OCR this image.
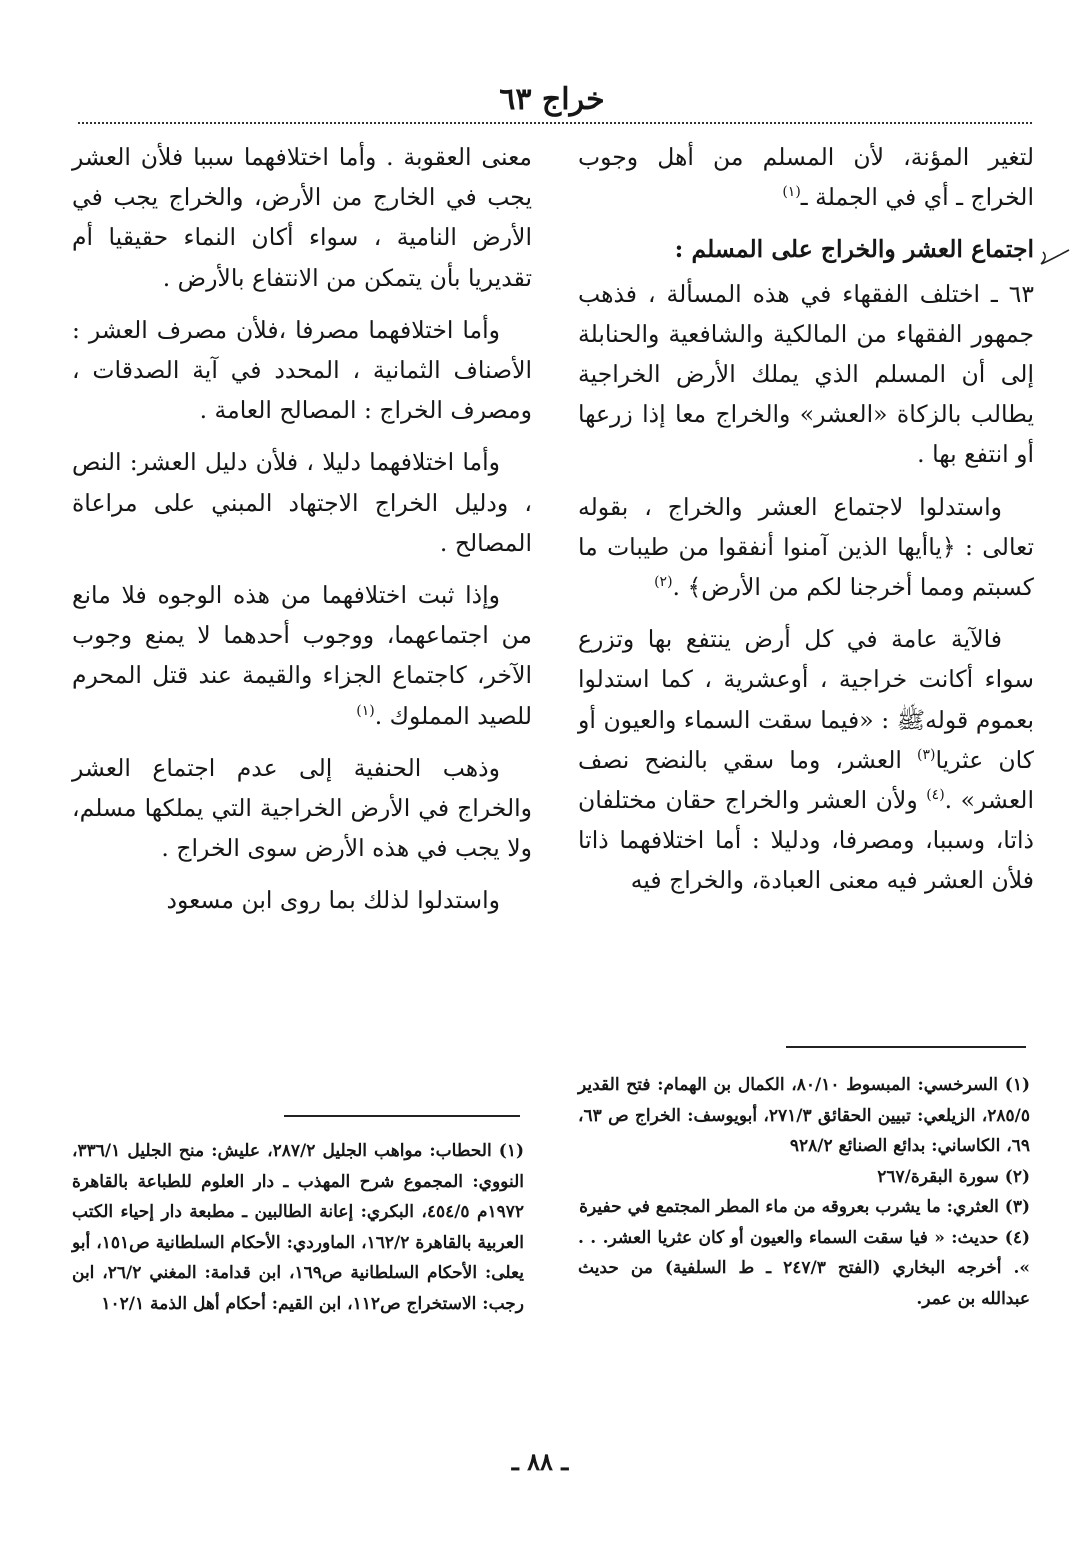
خراج ٦٣

لتغير المؤنة، لأن المسلم من أهل وجوب الخراج ـ أي في الجملة ـ$^{(١)}$

اجتماع العشر والخراج على المسلم :

٦٣ ـ اختلف الفقهاء في هذه المسألة ، فذهب جمهور الفقهاء من المالكية والشافعية والحنابلة إلى أن المسلم الذي يملك الأرض الخراجية يطالب بالزكاة «العشر» والخراج معا إذا زرعها أو انتفع بها .

واستدلوا لاجتماع العشر والخراج ، بقوله تعالى : ﴿ياأيها الذين آمنوا أنفقوا من طيبات ما كسبتم ومما أخرجنا لكم من الأرض﴾ .$^{(٢)}$

فالآية عامة في كل أرض ينتفع بها وتزرع سواء أكانت خراجية ، أوعشرية ، كما استدلوا بعموم قولهﷺ : «فيما سقت السماء والعيون أو كان عثريا$^{(٣)}$ العشر، وما سقي بالنضح نصف العشر» .$^{(٤)}$ ولأن العشر والخراج حقان مختلفان ذاتا، وسببا، ومصرفا، ودليلا : أما اختلافهما ذاتا فلأن العشر فيه معنى العبادة، والخراج فيه

معنى العقوبة . وأما اختلافهما سببا فلأن العشر يجب في الخارج من الأرض، والخراج يجب في الأرض النامية ، سواء أكان النماء حقيقيا أم تقديريا بأن يتمكن من الانتفاع بالأرض .

وأما اختلافهما مصرفا ،فلأن مصرف العشر : الأصناف الثمانية ، المحدد في آية الصدقات ، ومصرف الخراج : المصالح العامة .

وأما اختلافهما دليلا ، فلأن دليل العشر: النص ، ودليل الخراج الاجتهاد المبني على مراعاة المصالح .

وإذا ثبت اختلافهما من هذه الوجوه فلا مانع من اجتماعهما، ووجوب أحدهما لا يمنع وجوب الآخر، كاجتماع الجزاء والقيمة عند قتل المحرم للصيد المملوك .$^{(١)}$

وذهب الحنفية إلى عدم اجتماع العشر والخراج في الأرض الخراجية التي يملكها مسلم، ولا يجب في هذه الأرض سوى الخراج .

واستدلوا لذلك بما روى ابن مسعود

(١) السرخسي: المبسوط ٨٠/١٠، الكمال بن الهمام: فتح القدير ٢٨٥/٥، الزيلعي: تبيين الحقائق ٢٧١/٣، أبويوسف: الخراج ص ٦٣، ٦٩، الكاساني: بدائع الصنائع ٩٢٨/٢

(٢) سورة البقرة/٢٦٧

(٣) العثري: ما يشرب بعروقه من ماء المطر المجتمع في حفيرة

(٤) حديث: « فيا سقت السماء والعيون أو كان عثريا العشر. . . ». أخرجه البخاري (الفتح ٢٤٧/٣ ـ ط السلفية) من حديث عبدالله بن عمر.

(١) الحطاب: مواهب الجليل ٢٨٧/٢، عليش: منح الجليل ٣٣٦/١، النووي: المجموع شرح المهذب ـ دار العلوم للطباعة بالقاهرة ١٩٧٢م ٤٥٤/٥، البكري: إعانة الطالبين ـ مطبعة دار إحياء الكتب العربية بالقاهرة ١٦٢/٢، الماوردي: الأحكام السلطانية ص١٥١، أبو يعلى: الأحكام السلطانية ص١٦٩، ابن قدامة: المغني ٢٦/٢، ابن رجب: الاستخراج ص١١٢، ابن القيم: أحكام أهل الذمة ١٠٢/١

ـ ٨٨ ـ
